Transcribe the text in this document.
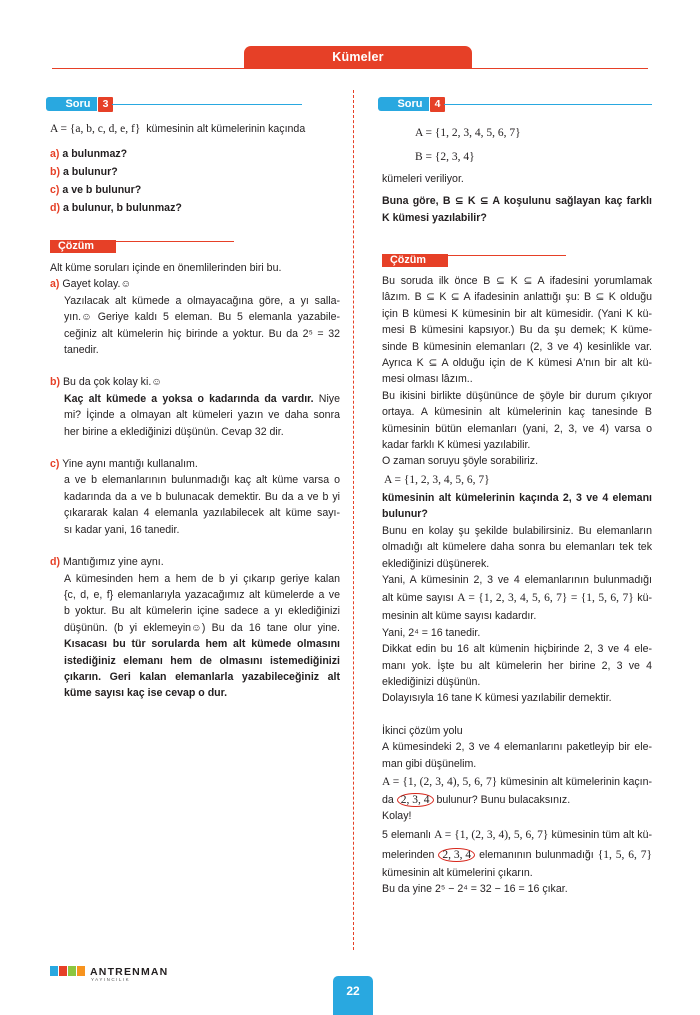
Kümeler
Soru	3
A = {a, b, c, d, e, f} kümesinin alt kümelerinin kaçında
a) a bulunmaz?
b) a bulunur?
c) a ve b bulunur?
d) a bulunur, b bulunmaz?
Çözüm
Alt küme soruları içinde en önemlilerinden biri bu.
a) Gayet kolay.☺
Yazılacak alt kümede a olmayacağına göre, a yı salla-
yın.☺ Geriye kaldı 5 eleman. Bu 5 elemanla yazabile-
ceğiniz alt kümelerin hiç birinde a yoktur. Bu da 2⁵ = 32
tanedir.
b) Bu da çok kolay ki.☺
Kaç alt kümede a yoksa o kadarında da vardır. Niye
mi? İçinde a olmayan alt kümeleri yazın ve daha sonra
her birine a eklediğinizi düşünün. Cevap 32 dir.
c) Yine aynı mantığı kullanalım.
a ve b elemanlarının bulunmadığı kaç alt küme varsa o
kadarında da a ve b bulunacak demektir. Bu da a ve b yi
çıkararak kalan 4 elemanla yazılabilecek alt küme sayı-
sı kadar yani, 16 tanedir.
d) Mantığımız yine aynı.
A kümesinden hem a hem de b yi çıkarıp geriye kalan
{c, d, e, f} elemanlarıyla yazacağımız alt kümelerde a ve
b yoktur. Bu alt kümelerin içine sadece a yı eklediğinizi
düşünün. (b yi eklemeyin☺) Bu da 16 tane olur yine.
Kısacası bu tür sorularda hem alt kümede olmasını
istediğiniz elemanı hem de olmasını istemediğinizi
çıkarın. Geri kalan elemanlarla yazabileceğiniz alt
küme sayısı kaç ise cevap o dur.
Soru	4
A = {1, 2, 3, 4, 5, 6, 7}
B = {2, 3, 4}
kümeleri veriliyor.
Buna göre, B ⊆ K ⊆ A koşulunu sağlayan kaç farklı
K kümesi yazılabilir?
Çözüm
Bu soruda ilk önce B ⊆ K ⊆ A ifadesini yorumlamak
lâzım. B ⊆ K ⊆ A ifadesinin anlattığı şu: B ⊆ K olduğu
için B kümesi K kümesinin bir alt kümesidir. (Yani K kü-
mesi B kümesini kapsıyor.) Bu da şu demek; K küme-
sinde B kümesinin elemanları (2, 3 ve 4) kesinlikle var.
Ayrıca K ⊆ A olduğu için de K kümesi A'nın bir alt kü-
mesi olması lâzım..
Bu ikisini birlikte düşününce de şöyle bir durum çıkıyor
ortaya. A kümesinin alt kümelerinin kaç tanesinde B
kümesinin bütün elemanları (yani, 2, 3, ve 4) varsa o
kadar farklı K kümesi yazılabilir.
O zaman soruyu şöyle sorabiliriz.
A = {1, 2, 3, 4, 5, 6, 7}
kümesinin alt kümelerinin kaçında 2, 3 ve 4 elemanı
bulunur?
Bunu en kolay şu şekilde bulabilirsiniz. Bu elemanların
olmadığı alt kümelere daha sonra bu elemanları tek tek
eklediğinizi düşünerek.
Yani, A kümesinin 2, 3 ve 4 elemanlarının bulunmadığı
alt küme sayısı A = {1, 2, 3, 4, 5, 6, 7} = {1, 5, 6, 7} kü-
mesinin alt küme sayısı kadardır.
Yani, 2⁴ = 16 tanedir.
Dikkat edin bu 16 alt kümenin hiçbirinde 2, 3 ve 4 ele-
manı yok. İşte bu alt kümelerin her birine 2, 3 ve 4
eklediğinizi düşünün.
Dolayısıyla 16 tane K kümesi yazılabilir demektir.
İkinci çözüm yolu
A kümesindeki 2, 3 ve 4 elemanlarını paketleyip bir ele-
man gibi düşünelim.
A = {1, (2, 3, 4), 5, 6, 7} kümesinin alt kümelerinin kaçın-
da 2, 3, 4 bulunur? Bunu bulacaksınız.
Kolay!
5 elemanlı A = {1, (2, 3, 4), 5, 6, 7} kümesinin tüm alt kü-
melerinden 2, 3, 4 elemanının bulunmadığı {1, 5, 6, 7}
kümesinin alt kümelerini çıkarın.
Bu da yine 2⁵ − 2⁴ = 32 − 16 = 16 çıkar.
ANTRENMAN
YAYINCILIK
22
